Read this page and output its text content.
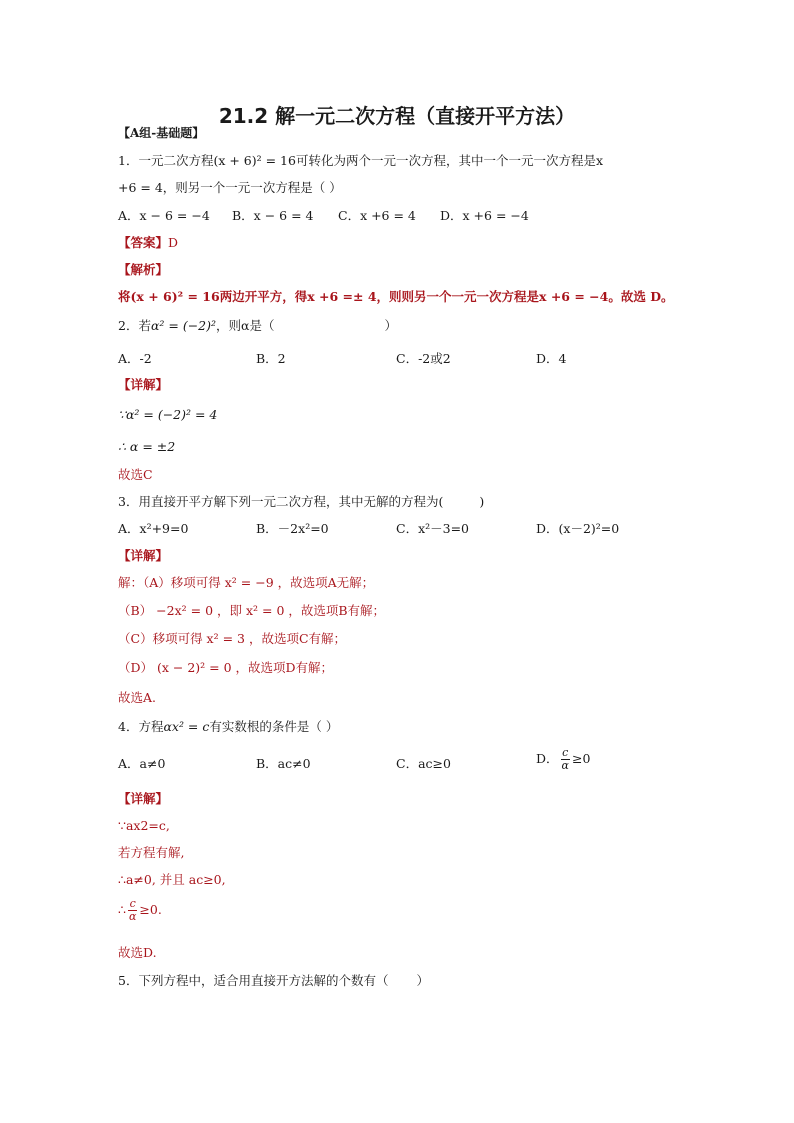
21.2 解一元二次方程（直接开平方法）
【A组-基础题】
1．一元二次方程(x + 6)² = 16可转化为两个一元一次方程，其中一个一元一次方程是x
+6 = 4，则另一个一元一次方程是（ ）
A．x − 6 = −4 B．x − 6 = 4 C．x +6 = 4 D．x +6 = −4
【答案】D
【解析】
将(x + 6)² = 16两边开平方，得x +6 =± 4，则则另一个一元一次方程是x +6 = −4。故选 D。
2．若α² = (−2)²，则α是（	）
A．-2	B．2	C．-2或2	D．4
【详解】
∵α² = (−2)² = 4
∴ α = ±2
故选C
3．用直接开平方解下列一元二次方程，其中无解的方程为(	)
A．x²+9=0	B．－2x²=0	C．x²－3=0	D．(x－2)²=0
【详解】
解：（A）移项可得 x² = −9 ，故选项A无解；
（B） −2x² = 0 ，即 x² = 0 ，故选项B有解；
（C）移项可得 x² = 3 ，故选项C有解；
（D） (x − 2)² = 0 ，故选项D有解；
故选A.
4．方程αx² = c有实数根的条件是（ ）
A．a≠0	B．ac≠0	C．ac≥0	D． $\frac{c}{\alpha} \ge 0$
【详解】
∵ax2=c,
若方程有解,
∴a≠0, 并且 ac≥0,
∴ $\frac{c}{\alpha} \ge 0$.
故选D.
5．下列方程中，适合用直接开方法解的个数有（ ）
